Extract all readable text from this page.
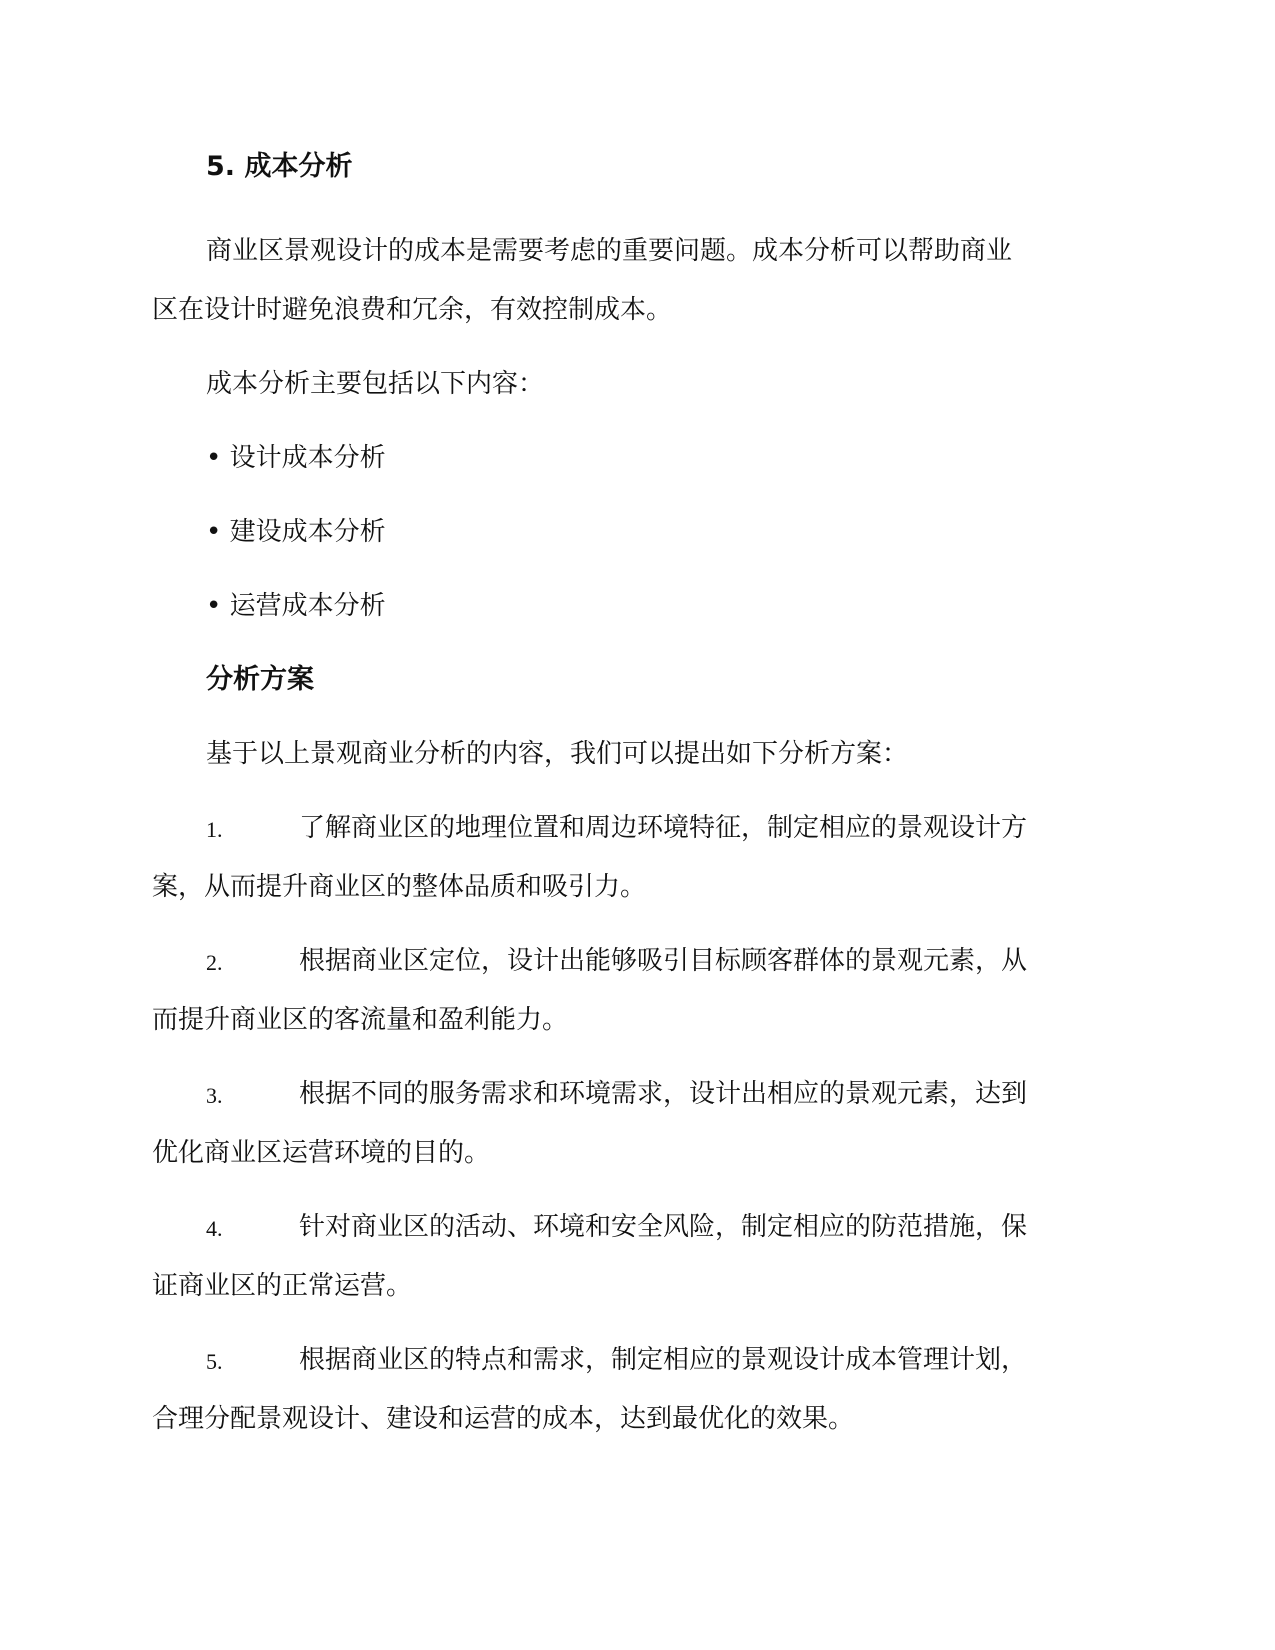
5. 成本分析
商业区景观设计的成本是需要考虑的重要问题。成本分析可以帮助商业
区在设计时避免浪费和冗余，有效控制成本。
成本分析主要包括以下内容：
• 设计成本分析
• 建设成本分析
• 运营成本分析
分析方案
基于以上景观商业分析的内容，我们可以提出如下分析方案：
1.	了解商业区的地理位置和周边环境特征，制定相应的景观设计方
案，从而提升商业区的整体品质和吸引力。
2.	根据商业区定位，设计出能够吸引目标顾客群体的景观元素，从
而提升商业区的客流量和盈利能力。
3.	根据不同的服务需求和环境需求，设计出相应的景观元素，达到
优化商业区运营环境的目的。
4.	针对商业区的活动、环境和安全风险，制定相应的防范措施，保
证商业区的正常运营。
5.	根据商业区的特点和需求，制定相应的景观设计成本管理计划，
合理分配景观设计、建设和运营的成本，达到最优化的效果。
